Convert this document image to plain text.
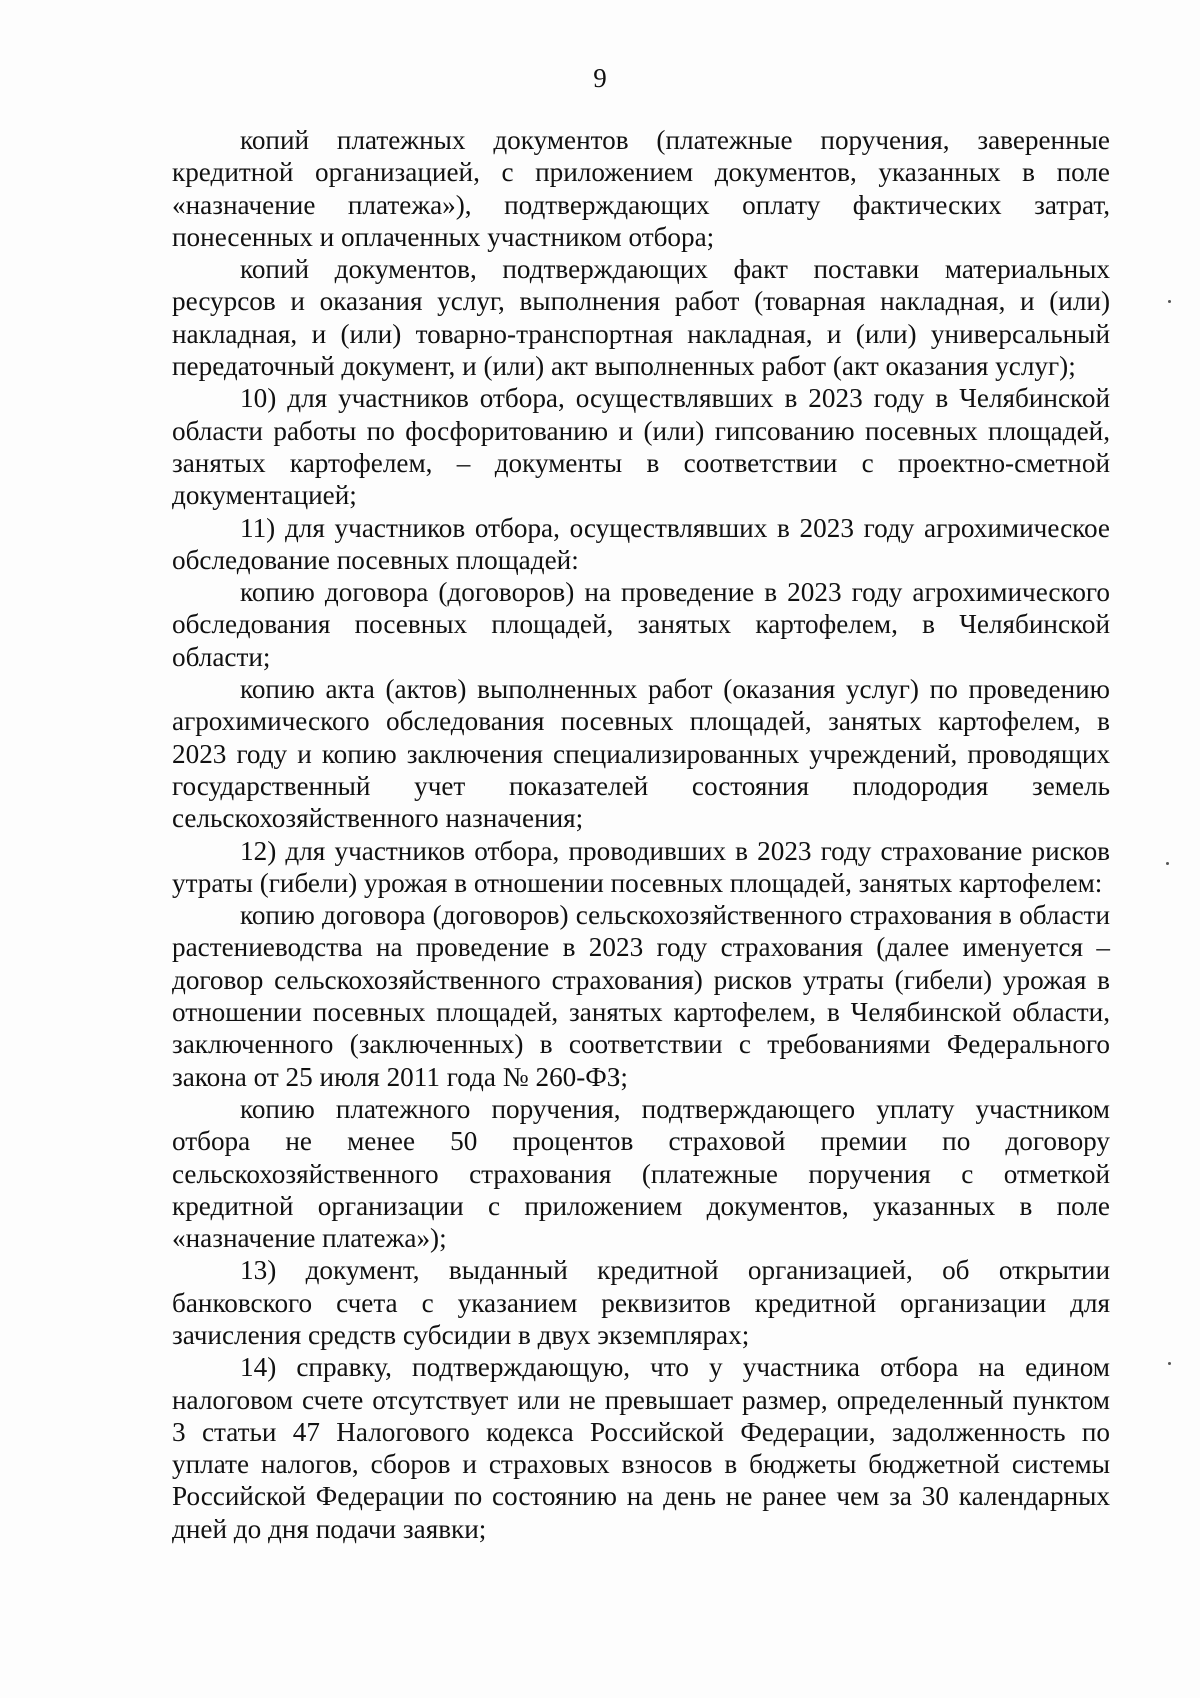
9

копий платежных документов (платежные поручения, заверенные кредитной организацией, с приложением документов, указанных в поле «назначение платежа»), подтверждающих оплату фактических затрат, понесенных и оплаченных участником отбора;

копий документов, подтверждающих факт поставки материальных ресурсов и оказания услуг, выполнения работ (товарная накладная, и (или) накладная, и (или) товарно-транспортная накладная, и (или) универсальный передаточный документ, и (или) акт выполненных работ (акт оказания услуг);

10) для участников отбора, осуществлявших в 2023 году в Челябинской области работы по фосфоритованию и (или) гипсованию посевных площадей, занятых картофелем, – документы в соответствии с проектно-сметной документацией;

11) для участников отбора, осуществлявших в 2023 году агрохимическое обследование посевных площадей:

копию договора (договоров) на проведение в 2023 году агрохимического обследования посевных площадей, занятых картофелем, в Челябинской области;

копию акта (актов) выполненных работ (оказания услуг) по проведению агрохимического обследования посевных площадей, занятых картофелем, в 2023 году и копию заключения специализированных учреждений, проводящих государственный учет показателей состояния плодородия земель сельскохозяйственного назначения;

12) для участников отбора, проводивших в 2023 году страхование рисков утраты (гибели) урожая в отношении посевных площадей, занятых картофелем:

копию договора (договоров) сельскохозяйственного страхования в области растениеводства на проведение в 2023 году страхования (далее именуется – договор сельскохозяйственного страхования) рисков утраты (гибели) урожая в отношении посевных площадей, занятых картофелем, в Челябинской области, заключенного (заключенных) в соответствии с требованиями Федерального закона от 25 июля 2011 года № 260-ФЗ;

копию платежного поручения, подтверждающего уплату участником отбора не менее 50 процентов страховой премии по договору сельскохозяйственного страхования (платежные поручения с отметкой кредитной организации с приложением документов, указанных в поле «назначение платежа»);

13) документ, выданный кредитной организацией, об открытии банковского счета с указанием реквизитов кредитной организации для зачисления средств субсидии в двух экземплярах;

14) справку, подтверждающую, что у участника отбора на едином налоговом счете отсутствует или не превышает размер, определенный пунктом 3 статьи 47 Налогового кодекса Российской Федерации, задолженность по уплате налогов, сборов и страховых взносов в бюджеты бюджетной системы Российской Федерации по состоянию на день не ранее чем за 30 календарных дней до дня подачи заявки;
